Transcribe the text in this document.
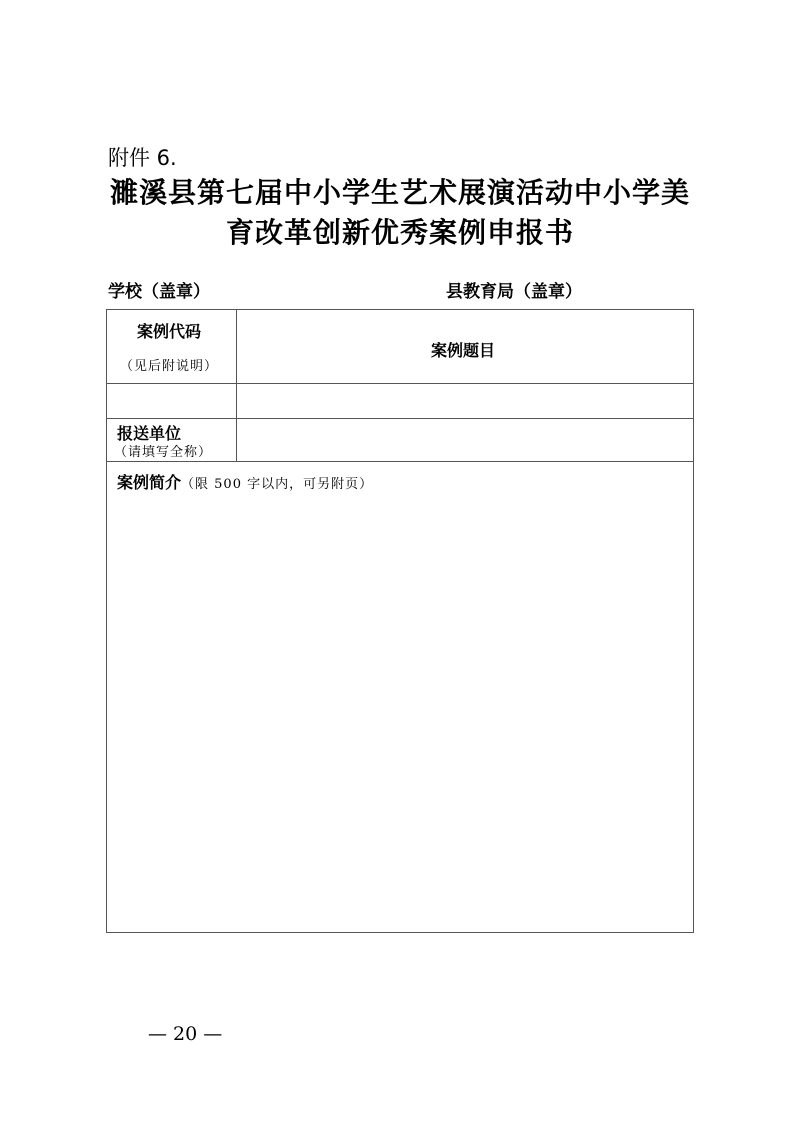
附件 6.
濉溪县第七届中小学生艺术展演活动中小学美
育改革创新优秀案例申报书
学校（盖章）	县教育局（盖章）
案例代码
（见后附说明）
案例题目
报送单位
（请填写全称）
案例简介（限 500 字以内，可另附页）
— 20 —
